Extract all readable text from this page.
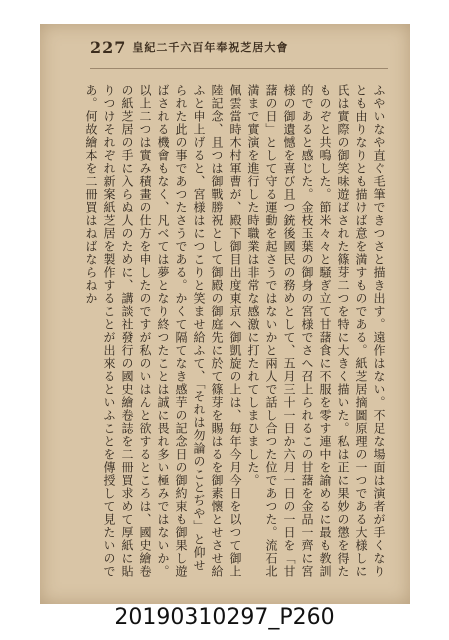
227 皇紀二千六百年奉祝芝居大會

ふやいなや直ぐ毛筆できつさと描き出す。遠作はない。不足な場面は演者が手くなりとも由りなりとも描けば意を満すものである。紙芝居摘圖原理の一つである大様しに氏は實際の御笑味遊ばされた篠芽二つを特に大きく描いた。私は正に果妙の懲を得たものぞと共鳴した。節米々々と騒ぎ立て甘藷食に不服を零す連中を諭めるに最も教訓的であると感じた。金枝玉葉の御身の宮様でさへ召上られるこの甘藷を金品一齊に宮様の御遺憾を喜び且つ銃後國民の務めとして、五月三十一日か六月一日の一日を「甘藷の日」として守る運動を起さうではないかと兩人で話し合つた位であつた。流石北満まで實演を進行した時職業は非常な感激に打たれてしまひました。

佩雲當時木村軍曹が、殿下御目出度東京へ御凱旋の上は、毎年今月今日を以つて御上陸記念、且つは御戰勝祝として御殿の御庭先に於て篠芽を賜はるを御素懷とせさせ給ふと申上げると、宮様はにつこりと笑ませ給ふて、「それは勿論のことぢや」と仰せられた此の事であつたさうである。かくて隔てなき感芋の記念日の御約束も御果し遊ばされる機會もなく、凡べては夢となり終つたことは誠に畏れ多い極みではないか。

以上二つは實み積畫の仕方を申したのですが私のいはんと欲するところは、國史繪卷の紙芝居の手に入らぬ人のために、講談社發行の國史繪卷誌を二冊買求めて厚紙に貼りつけそれぞれ新案紙芝居を製作することが出來るといふことを傳授して見たいのであ。何故繪本を二冊買はねばならねか

20190310297_P260
